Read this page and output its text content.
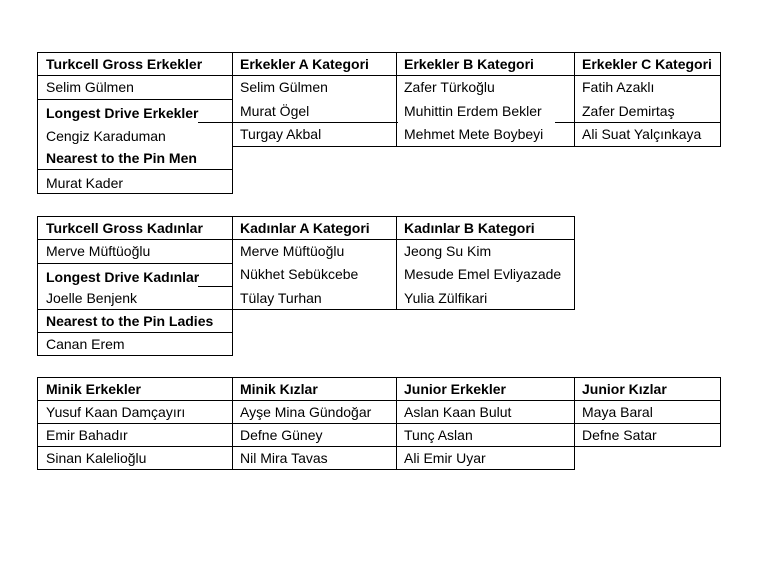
Turkcell Gross Erkekler	Erkekler A Kategori	Erkekler B Kategori	Erkekler C Kategori
Selim Gülmen	Selim Gülmen	Zafer Türkoğlu	Fatih Azaklı
Longest Drive Erkekler	Murat Ögel	Muhittin Erdem Bekler	Zafer Demirtaş
Cengiz Karaduman	Turgay Akbal	Mehmet Mete Boybeyi	Ali Suat Yalçınkaya
Nearest to the Pin Men
Murat Kader
Turkcell Gross Kadınlar	Kadınlar A Kategori	Kadınlar B Kategori
Merve Müftüoğlu	Merve Müftüoğlu	Jeong Su Kim
Longest Drive Kadınlar	Nükhet Sebükcebe	Mesude Emel Evliyazade
Joelle Benjenk	Tülay Turhan	Yulia Zülfikari
Nearest to the Pin Ladies
Canan Erem
Minik Erkekler	Minik Kızlar	Junior Erkekler	Junior Kızlar
Yusuf Kaan Damçayırı	Ayşe Mina Gündoğar	Aslan Kaan Bulut	Maya Baral
Emir Bahadır	Defne Güney	Tunç Aslan	Defne Satar
Sinan Kalelioğlu	Nil Mira Tavas	Ali Emir Uyar
